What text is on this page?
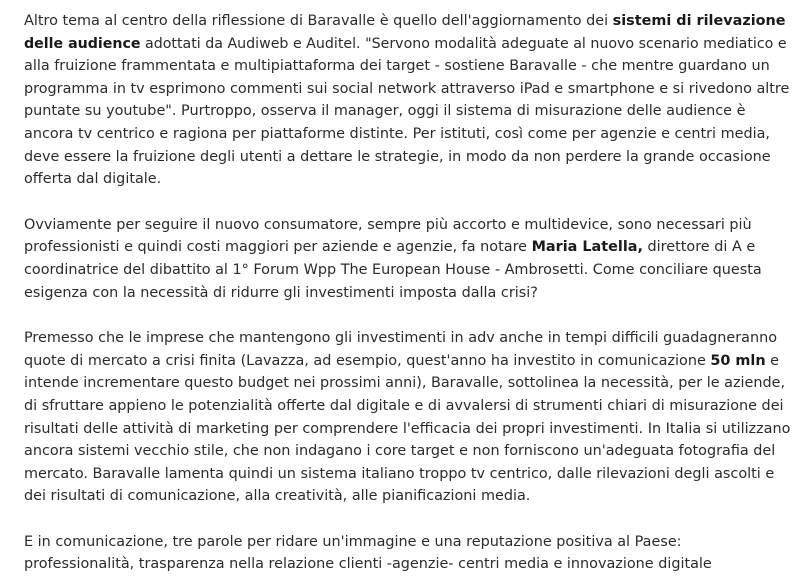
Altro tema al centro della riflessione di Baravalle è quello dell'aggiornamento dei sistemi di rilevazione
delle audience adottati da Audiweb e Auditel. "Servono modalità adeguate al nuovo scenario mediatico e
alla fruizione frammentata e multipiattaforma dei target - sostiene Baravalle - che mentre guardano un
programma in tv esprimono commenti sui social network attraverso iPad e smartphone e si rivedono altre
puntate su youtube". Purtroppo, osserva il manager, oggi il sistema di misurazione delle audience è
ancora tv centrico e ragiona per piattaforme distinte. Per istituti, così come per agenzie e centri media,
deve essere la fruizione degli utenti a dettare le strategie, in modo da non perdere la grande occasione
offerta dal digitale.
Ovviamente per seguire il nuovo consumatore, sempre più accorto e multidevice, sono necessari più
professionisti e quindi costi maggiori per aziende e agenzie, fa notare Maria Latella, direttore di A e
coordinatrice del dibattito al 1° Forum Wpp The European House - Ambrosetti. Come conciliare questa
esigenza con la necessità di ridurre gli investimenti imposta dalla crisi?
Premesso che le imprese che mantengono gli investimenti in adv anche in tempi difficili guadagneranno
quote di mercato a crisi finita (Lavazza, ad esempio, quest'anno ha investito in comunicazione 50 mln e
intende incrementare questo budget nei prossimi anni), Baravalle, sottolinea la necessità, per le aziende,
di sfruttare appieno le potenzialità offerte dal digitale e di avvalersi di strumenti chiari di misurazione dei
risultati delle attività di marketing per comprendere l'efficacia dei propri investimenti. In Italia si utilizzano
ancora sistemi vecchio stile, che non indagano i core target e non forniscono un'adeguata fotografia del
mercato. Baravalle lamenta quindi un sistema italiano troppo tv centrico, dalle rilevazioni degli ascolti e
dei risultati di comunicazione, alla creatività, alle pianificazioni media.
E in comunicazione, tre parole per ridare un'immagine e una reputazione positiva al Paese:
professionalità, trasparenza nella relazione clienti -agenzie- centri media e innovazione digitale
